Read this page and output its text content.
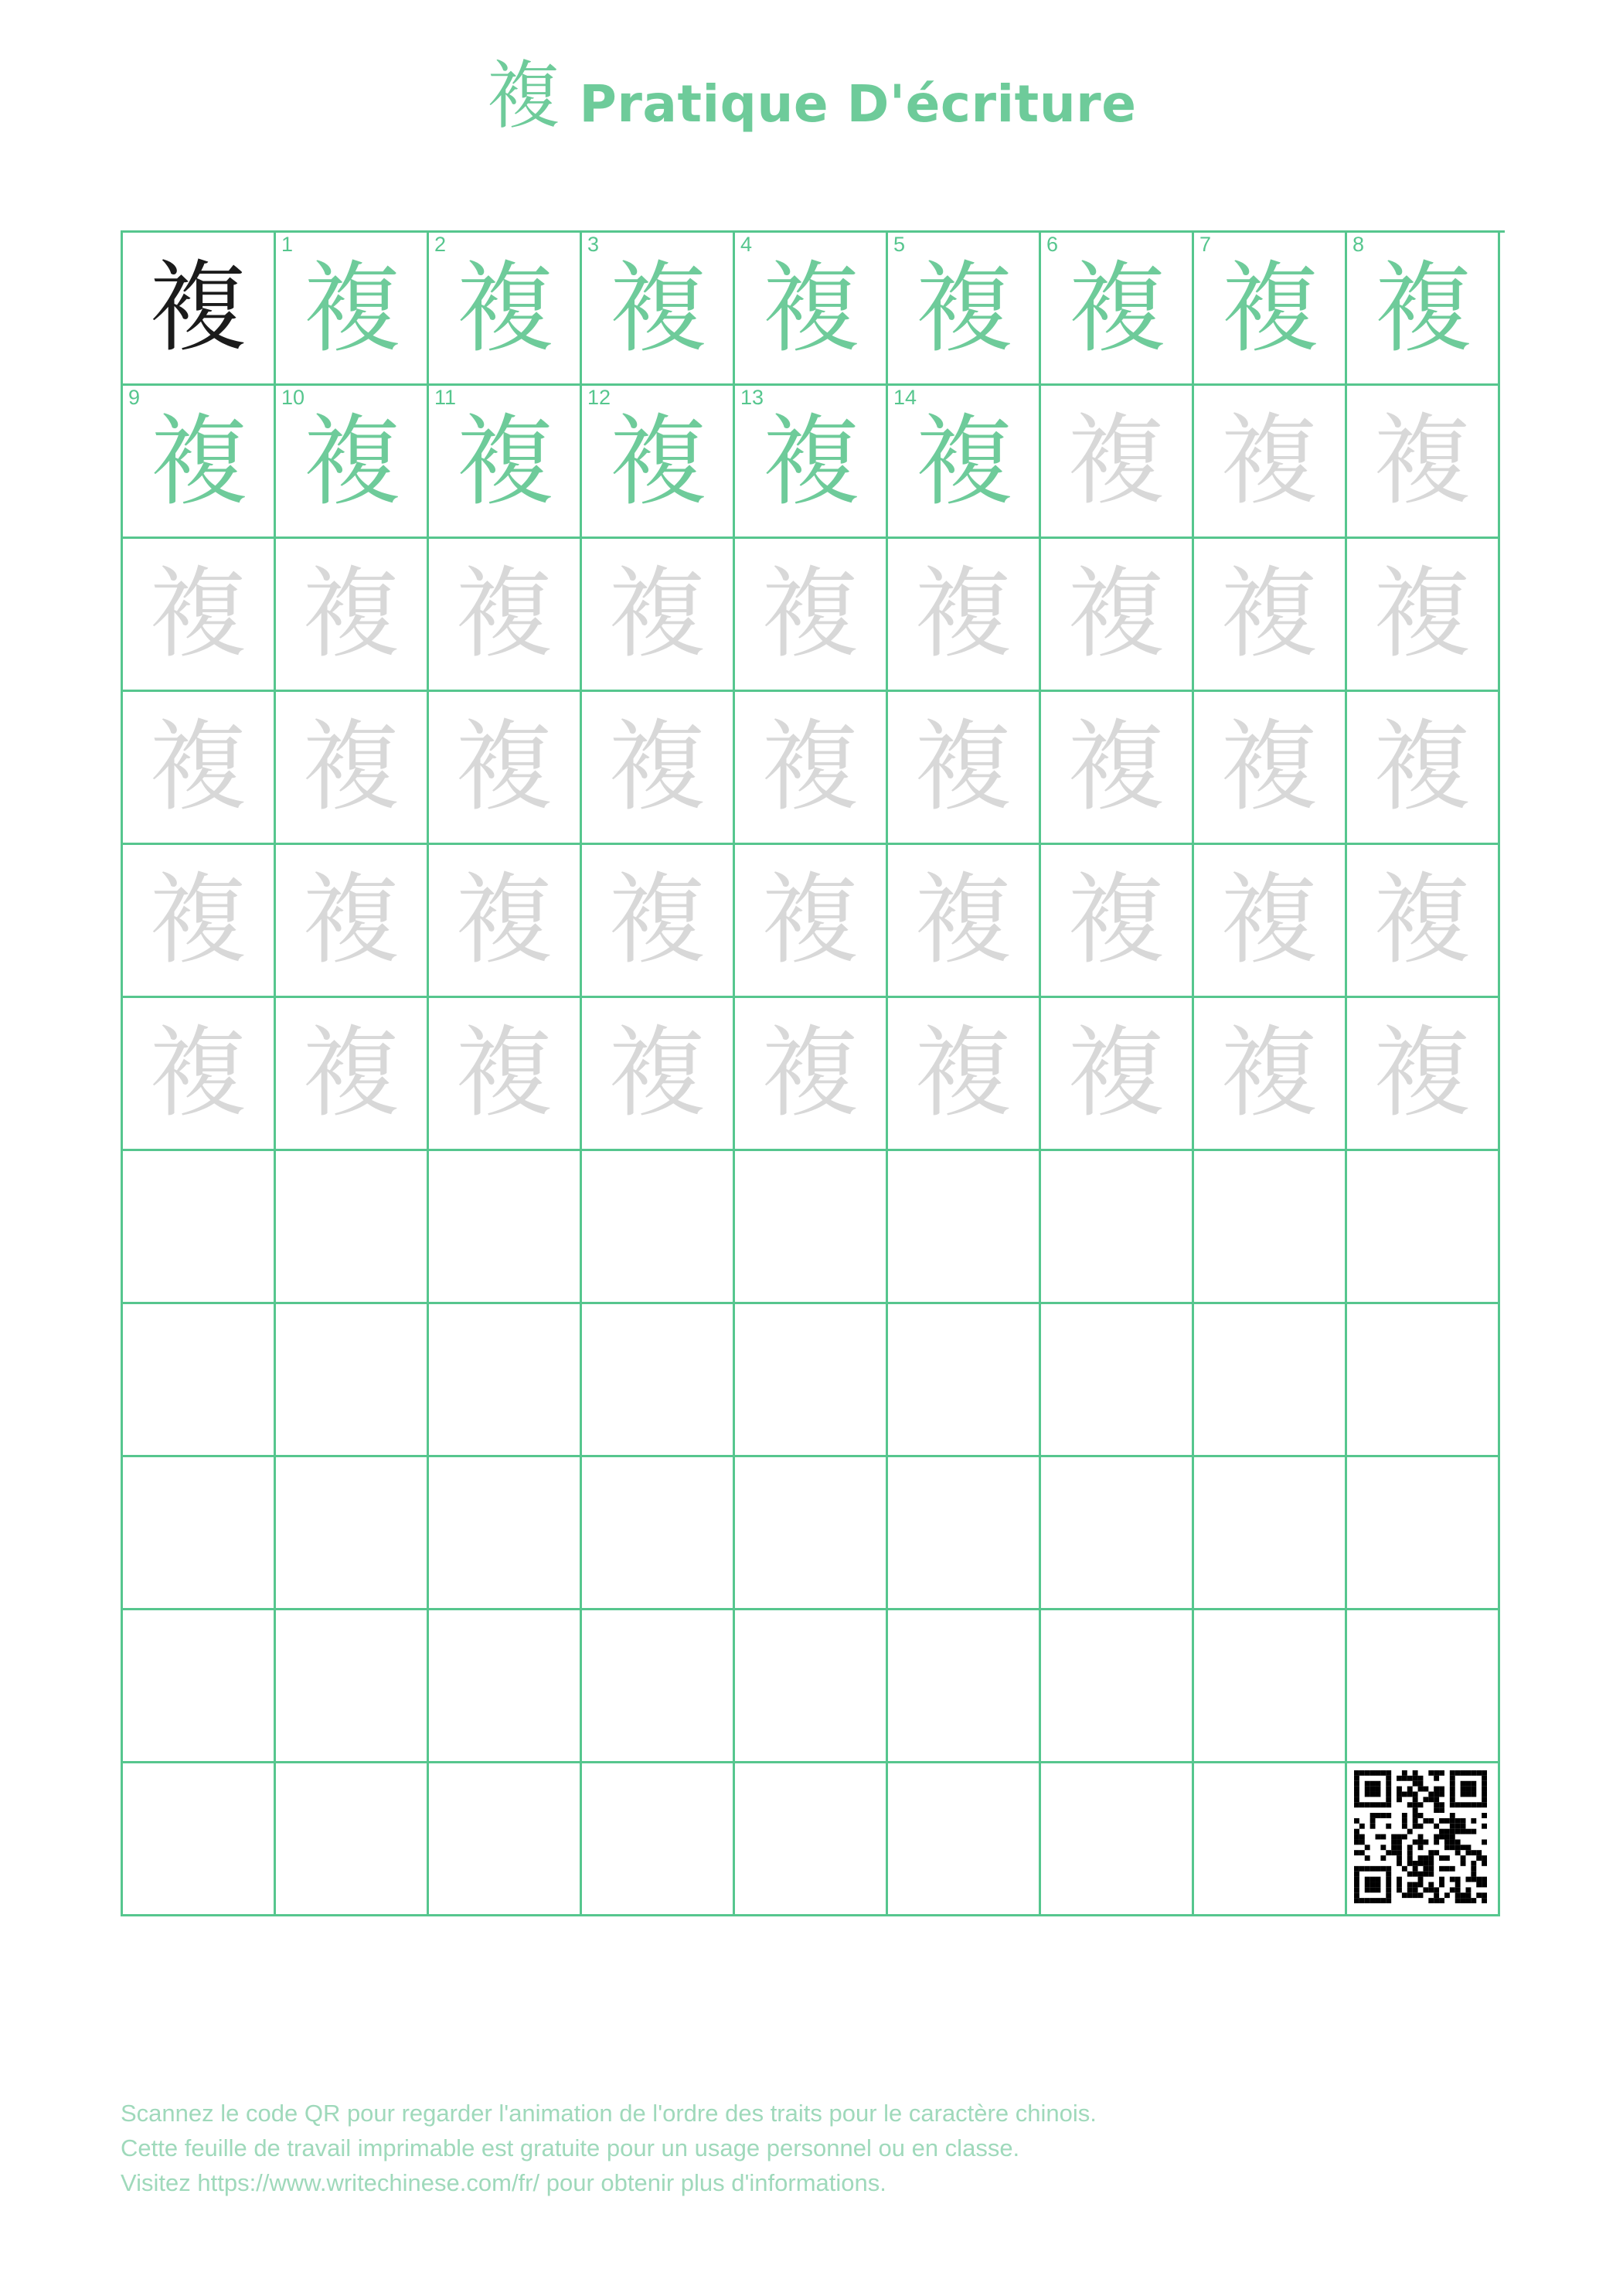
複 Pratique D'écriture
複
1
複
2
複
3
複
4
複
5
複
6
複
7
複
8
複
9
複
10
複
11
複
12
複
13
複
14
複 複 複 複
複 複 複 複 複 複 複 複 複
複 複 複 複 複 複 複 複 複
複 複 複 複 複 複 複 複 複
複 複 複 複 複 複 複 複 複
Scannez le code QR pour regarder l'animation de l'ordre des traits pour le caractère chinois.
Cette feuille de travail imprimable est gratuite pour un usage personnel ou en classe.
Visitez https://www.writechinese.com/fr/ pour obtenir plus d'informations.
